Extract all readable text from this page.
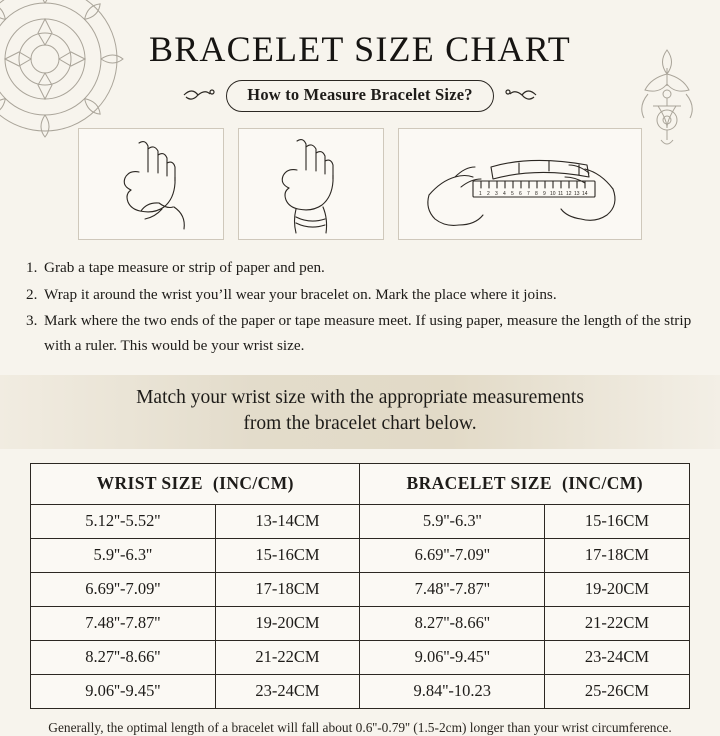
BRACELET SIZE CHART
How to Measure Bracelet Size?
1 2 3 4 5 6 7 8 9 10 11 12 13 14
1. Grab a tape measure or strip of paper and pen.
2. Wrap it around the wrist you’ll wear your bracelet on. Mark the place where it joins.
3. Mark where the two ends of the paper or tape measure meet. If using paper, measure the length of the strip with a ruler. This would be your wrist size.
Match your wrist size with the appropriate measurements
from the bracelet chart below.
WRIST SIZE (INC/CM)		BRACELET SIZE (INC/CM)	
5.12''-5.52''	13-14CM	5.9''-6.3''	15-16CM
5.9''-6.3''	15-16CM	6.69''-7.09''	17-18CM
6.69''-7.09''	17-18CM	7.48''-7.87''	19-20CM
7.48''-7.87''	19-20CM	8.27''-8.66''	21-22CM
8.27''-8.66''	21-22CM	9.06''-9.45''	23-24CM
9.06''-9.45''	23-24CM	9.84''-10.23	25-26CM
Generally, the optimal length of a bracelet will fall about 0.6''-0.79'' (1.5-2cm) longer than your wrist circumference.
